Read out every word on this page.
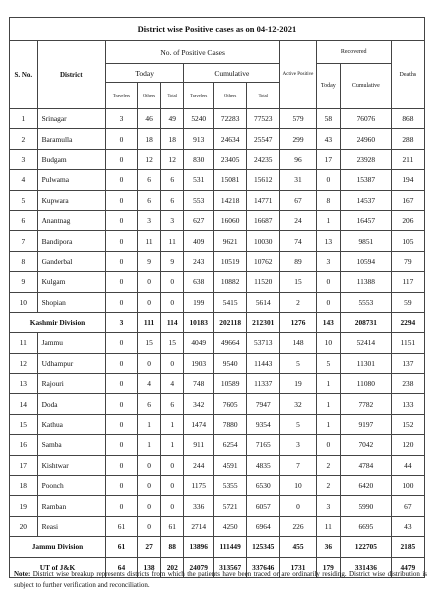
District wise Positive cases as on 04-12-2021											
S. No.	District	No. of Positive Cases						Active Positive	Recovered		Deaths
		Today			Cumulative				Today	Cumulative	
		Travelers	Others	Total	Travelers	Others	Total				
1	Srinagar	3	46	49	5240	72283	77523	579	58	76076	868
2	Baramulla	0	18	18	913	24634	25547	299	43	24960	288
3	Budgam	0	12	12	830	23405	24235	96	17	23928	211
4	Pulwama	0	6	6	531	15081	15612	31	0	15387	194
5	Kupwara	0	6	6	553	14218	14771	67	8	14537	167
6	Anantnag	0	3	3	627	16060	16687	24	1	16457	206
7	Bandipora	0	11	11	409	9621	10030	74	13	9851	105
8	Ganderbal	0	9	9	243	10519	10762	89	3	10594	79
9	Kulgam	0	0	0	638	10882	11520	15	0	11388	117
10	Shopian	0	0	0	199	5415	5614	2	0	5553	59
Kashmir Division		3	111	114	10183	202118	212301	1276	143	208731	2294
11	Jammu	0	15	15	4049	49664	53713	148	10	52414	1151
12	Udhampur	0	0	0	1903	9540	11443	5	5	11301	137
13	Rajouri	0	4	4	748	10589	11337	19	1	11080	238
14	Doda	0	6	6	342	7605	7947	32	1	7782	133
15	Kathua	0	1	1	1474	7880	9354	5	1	9197	152
16	Samba	0	1	1	911	6254	7165	3	0	7042	120
17	Kishtwar	0	0	0	244	4591	4835	7	2	4784	44
18	Poonch	0	0	0	1175	5355	6530	10	2	6420	100
19	Ramban	0	0	0	336	5721	6057	0	3	5990	67
20	Reasi	61	0	61	2714	4250	6964	226	11	6695	43
Jammu Division		61	27	88	13896	111449	125345	455	36	122705	2185
UT of J&K		64	138	202	24079	313567	337646	1731	179	331436	4479
Note: District wise breakup represents districts from which the patients have been traced or are ordinarily residing. District wise distribution is subject to further verification and reconciliation.
